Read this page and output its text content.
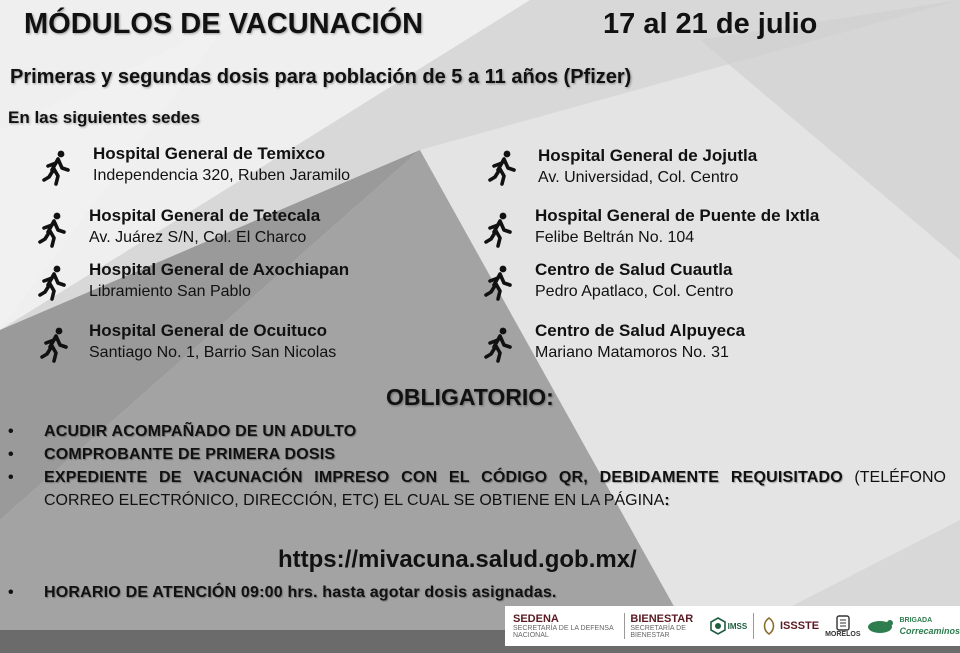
MÓDULOS DE VACUNACIÓN	17 al 21 de julio
Primeras y segundas dosis para población de 5 a 11 años (Pfizer)
En las siguientes sedes
Hospital General de Temixco
Independencia 320, Ruben Jaramilo
Hospital General de Jojutla
Av. Universidad, Col. Centro
Hospital General de Tetecala
Av. Juárez S/N, Col. El Charco
Hospital General de Puente de Ixtla
Felibe Beltrán No. 104
Hospital General de Axochiapan
Libramiento San Pablo
Centro de Salud Cuautla
Pedro Apatlaco, Col. Centro
Hospital General de Ocuituco
Santiago No. 1, Barrio San Nicolas
Centro de Salud Alpuyeca
Mariano Matamoros No. 31
OBLIGATORIO:
• ACUDIR ACOMPAÑADO DE UN ADULTO
• COMPROBANTE DE PRIMERA DOSIS
• EXPEDIENTE DE VACUNACIÓN IMPRESO CON EL CÓDIGO QR, DEBIDAMENTE REQUISITADO (TELÉFONO CORREO ELECTRÓNICO, DIRECCIÓN, ETC) EL CUAL SE OBTIENE EN LA PÁGINA:
https://mivacuna.salud.gob.mx/
• HORARIO DE ATENCIÓN 09:00 hrs. hasta agotar dosis asignadas.
SEDENA
SECRETARÍA DE LA DEFENSA NACIONAL
BIENESTAR
SECRETARÍA DE BIENESTAR
IMSS	ISSSTE
MORELOS
BRIGADA
Correcaminos
